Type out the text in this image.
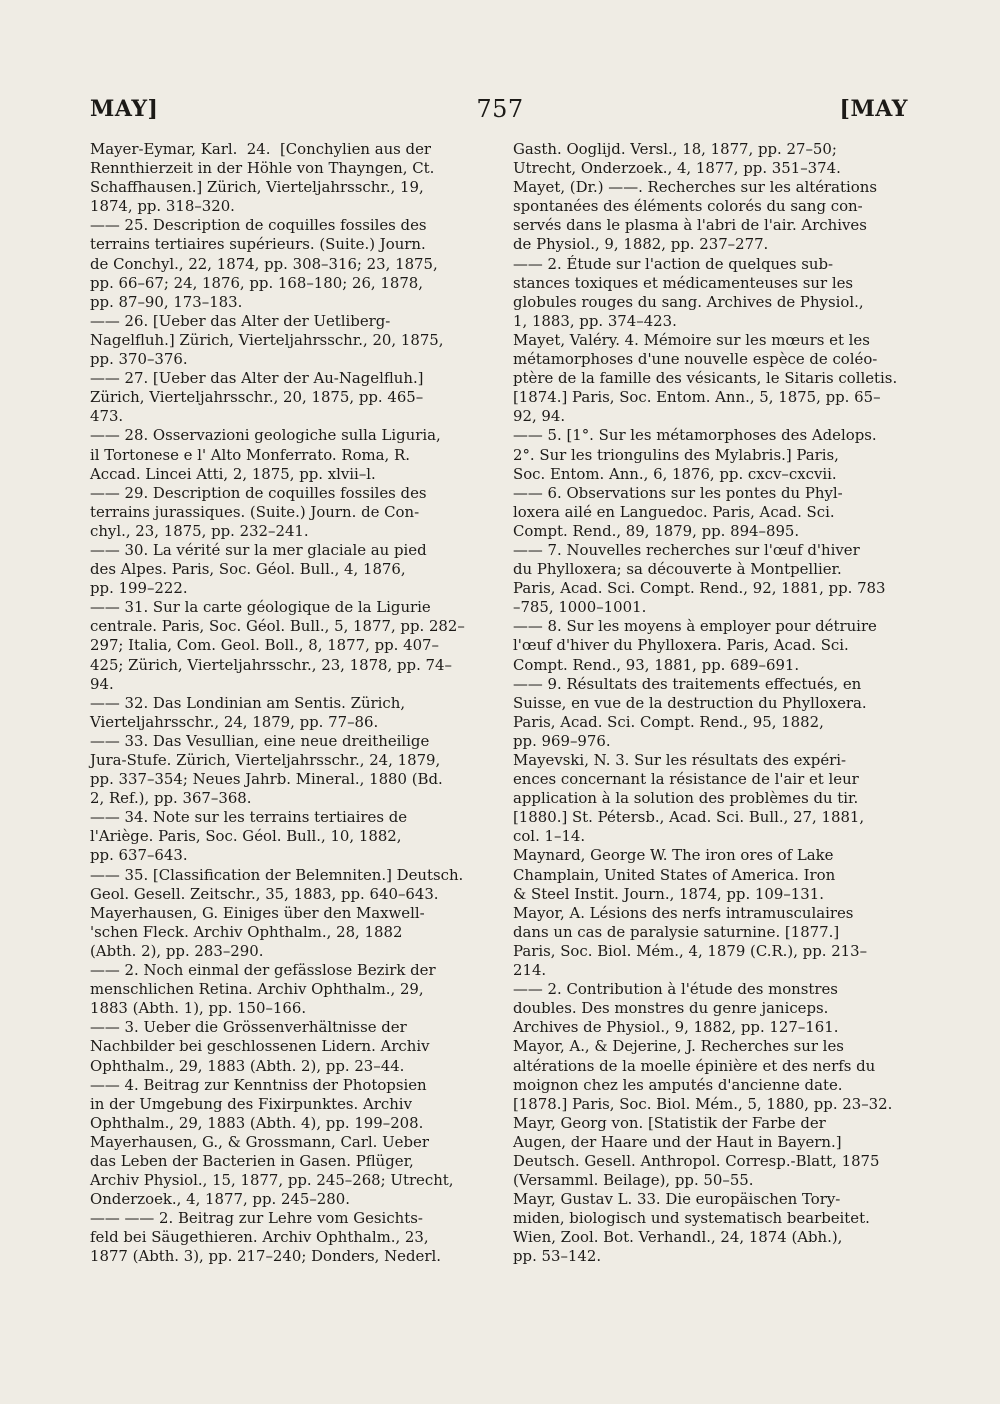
MAY]	757	[MAY
Mayer-Eymar, Karl.  24.  [Conchylien aus der
Rennthierzeit in der Höhle von Thayngen, Ct.
Schaffhausen.] Zürich, Vierteljahrsschr., 19,
1874, pp. 318–320.
—— 25. Description de coquilles fossiles des
terrains tertiaires supérieurs. (Suite.) Journ.
de Conchyl., 22, 1874, pp. 308–316; 23, 1875,
pp. 66–67; 24, 1876, pp. 168–180; 26, 1878,
pp. 87–90, 173–183.
—— 26. [Ueber das Alter der Uetliberg-
Nagelfluh.] Zürich, Vierteljahrsschr., 20, 1875,
pp. 370–376.
—— 27. [Ueber das Alter der Au-Nagelfluh.]
Zürich, Vierteljahrsschr., 20, 1875, pp. 465–
473.
—— 28. Osservazioni geologiche sulla Liguria,
il Tortonese e l' Alto Monferrato. Roma, R.
Accad. Lincei Atti, 2, 1875, pp. xlvii–l.
—— 29. Description de coquilles fossiles des
terrains jurassiques. (Suite.) Journ. de Con-
chyl., 23, 1875, pp. 232–241.
—— 30. La vérité sur la mer glaciale au pied
des Alpes. Paris, Soc. Géol. Bull., 4, 1876,
pp. 199–222.
—— 31. Sur la carte géologique de la Ligurie
centrale. Paris, Soc. Géol. Bull., 5, 1877, pp. 282–
297; Italia, Com. Geol. Boll., 8, 1877, pp. 407–
425; Zürich, Vierteljahrsschr., 23, 1878, pp. 74–
94.
—— 32. Das Londinian am Sentis. Zürich,
Vierteljahrsschr., 24, 1879, pp. 77–86.
—— 33. Das Vesullian, eine neue dreitheilige
Jura-Stufe. Zürich, Vierteljahrsschr., 24, 1879,
pp. 337–354; Neues Jahrb. Mineral., 1880 (Bd.
2, Ref.), pp. 367–368.
—— 34. Note sur les terrains tertiaires de
l'Ariège. Paris, Soc. Géol. Bull., 10, 1882,
pp. 637–643.
—— 35. [Classification der Belemniten.] Deutsch.
Geol. Gesell. Zeitschr., 35, 1883, pp. 640–643.
Mayerhausen, G. Einiges über den Maxwell-
'schen Fleck. Archiv Ophthalm., 28, 1882
(Abth. 2), pp. 283–290.
—— 2. Noch einmal der gefässlose Bezirk der
menschlichen Retina. Archiv Ophthalm., 29,
1883 (Abth. 1), pp. 150–166.
—— 3. Ueber die Grössenverhältnisse der
Nachbilder bei geschlossenen Lidern. Archiv
Ophthalm., 29, 1883 (Abth. 2), pp. 23–44.
—— 4. Beitrag zur Kenntniss der Photopsien
in der Umgebung des Fixirpunktes. Archiv
Ophthalm., 29, 1883 (Abth. 4), pp. 199–208.
Mayerhausen, G., & Grossmann, Carl. Ueber
das Leben der Bacterien in Gasen. Pflüger,
Archiv Physiol., 15, 1877, pp. 245–268; Utrecht,
Onderzoek., 4, 1877, pp. 245–280.
—— —— 2. Beitrag zur Lehre vom Gesichts-
feld bei Säugethieren. Archiv Ophthalm., 23,
1877 (Abth. 3), pp. 217–240; Donders, Nederl.
Gasth. Ooglijd. Versl., 18, 1877, pp. 27–50;
Utrecht, Onderzoek., 4, 1877, pp. 351–374.
Mayet, (Dr.) ——. Recherches sur les altérations
spontanées des éléments colorés du sang con-
servés dans le plasma à l'abri de l'air. Archives
de Physiol., 9, 1882, pp. 237–277.
—— 2. Étude sur l'action de quelques sub-
stances toxiques et médicamenteuses sur les
globules rouges du sang. Archives de Physiol.,
1, 1883, pp. 374–423.
Mayet, Valéry. 4. Mémoire sur les mœurs et les
métamorphoses d'une nouvelle espèce de coléo-
ptère de la famille des vésicants, le Sitaris colletis.
[1874.] Paris, Soc. Entom. Ann., 5, 1875, pp. 65–
92, 94.
—— 5. [1°. Sur les métamorphoses des Adelops.
2°. Sur les triongulins des Mylabris.] Paris,
Soc. Entom. Ann., 6, 1876, pp. cxcv–cxcvii.
—— 6. Observations sur les pontes du Phyl-
loxera ailé en Languedoc. Paris, Acad. Sci.
Compt. Rend., 89, 1879, pp. 894–895.
—— 7. Nouvelles recherches sur l'œuf d'hiver
du Phylloxera; sa découverte à Montpellier.
Paris, Acad. Sci. Compt. Rend., 92, 1881, pp. 783
–785, 1000–1001.
—— 8. Sur les moyens à employer pour détruire
l'œuf d'hiver du Phylloxera. Paris, Acad. Sci.
Compt. Rend., 93, 1881, pp. 689–691.
—— 9. Résultats des traitements effectués, en
Suisse, en vue de la destruction du Phylloxera.
Paris, Acad. Sci. Compt. Rend., 95, 1882,
pp. 969–976.
Mayevski, N. 3. Sur les résultats des expéri-
ences concernant la résistance de l'air et leur
application à la solution des problèmes du tir.
[1880.] St. Pétersb., Acad. Sci. Bull., 27, 1881,
col. 1–14.
Maynard, George W. The iron ores of Lake
Champlain, United States of America. Iron
& Steel Instit. Journ., 1874, pp. 109–131.
Mayor, A. Lésions des nerfs intramusculaires
dans un cas de paralysie saturnine. [1877.]
Paris, Soc. Biol. Mém., 4, 1879 (C.R.), pp. 213–
214.
—— 2. Contribution à l'étude des monstres
doubles. Des monstres du genre janiceps.
Archives de Physiol., 9, 1882, pp. 127–161.
Mayor, A., & Dejerine, J. Recherches sur les
altérations de la moelle épinière et des nerfs du
moignon chez les amputés d'ancienne date.
[1878.] Paris, Soc. Biol. Mém., 5, 1880, pp. 23–32.
Mayr, Georg von. [Statistik der Farbe der
Augen, der Haare und der Haut in Bayern.]
Deutsch. Gesell. Anthropol. Corresp.-Blatt, 1875
(Versamml. Beilage), pp. 50–55.
Mayr, Gustav L. 33. Die europäischen Tory-
miden, biologisch und systematisch bearbeitet.
Wien, Zool. Bot. Verhandl., 24, 1874 (Abh.),
pp. 53–142.
